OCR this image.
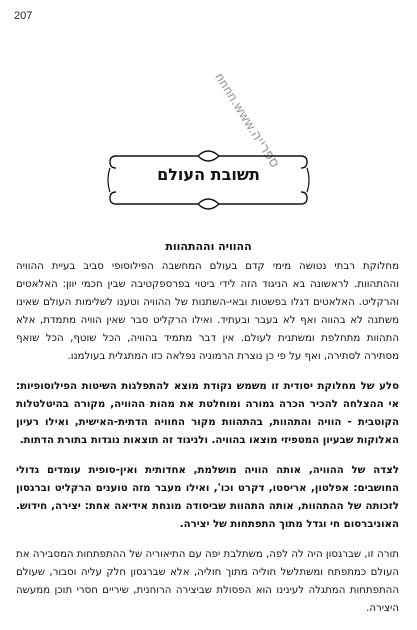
207
nnnn.www.ספרייה
תשובת העולם
ההוויה וההתהוות

מחלוקת רבתי נטושה מימי קדם בעולם המחשבה הפילוסופי סביב בעיית ההוויה וההתהוות. לראשונה בא הניגוד הזה לידי ביטוי בפרספקטיבה שבין חכמי יוון: האלאטים והרקליט. האלאטים דגלו בפשטות ובאי-השתנות של ההוויה וטענו לשלימות העולם שאינו משתנה לא בהווה ואף לא בעבר ובעתיד. ואילו הרקליט סבר שאין הוויה מתמדת, אלא התהוות מתחלפת ומשתנית לעולם. אין דבר מתמיד בהוויה, הכל שוטף, הכל שואף מסתירה לסתירה, ואף על פי כן נוצרת הרמוניה נפלאה כזו המתגלית בעולמנו.

סלע של מחלוקת יסודית זו משמש נקודת מוצא להתפלגות השיטות הפילוסופיות: אי ההצלחה להכיר הכרה גמורה ומוחלטת את מהות ההוויה, מקורה בהיטלטלות הקוטבית - הוויה והתהוות, בהתהוות מקור החוויה הדתית-האישית, ואילו רעיון האלוקות שבעיון המטפיזי מוצאו בהוויה. ולניגוד זה תוצאות נוגדות בתורת הדתות.

לצדה של ההוויה, אותה הוויה מושלמת, אחדותית ואין-סופית עומדים גדולי החושבים: אפלטון, אריסטו, דקרט וכו', ואילו מעבר מזה טוענים הרקליט וברגסון לזכותה של ההתהוות, אותה התהוות שביסודה מונחת אידיאה אחת: יצירה, חידוש. האוניברסום חי וגדל מתוך התפתחות של יצירה.

תורה זו, שברגסון היה לה לפה, משתלבת יפה עם התיאוריה של ההתפתחות המסבירה את העולם כמתפתח ומשתלשל חוליה מתוך חוליה, אלא שברגסון חלק עליה וסבור, שעולם ההתפתחות המתגלה לעינינו הוא הפסולת שביצירה הרוחנית, שיריים חסרי תוכן ממעשה היצירה.
